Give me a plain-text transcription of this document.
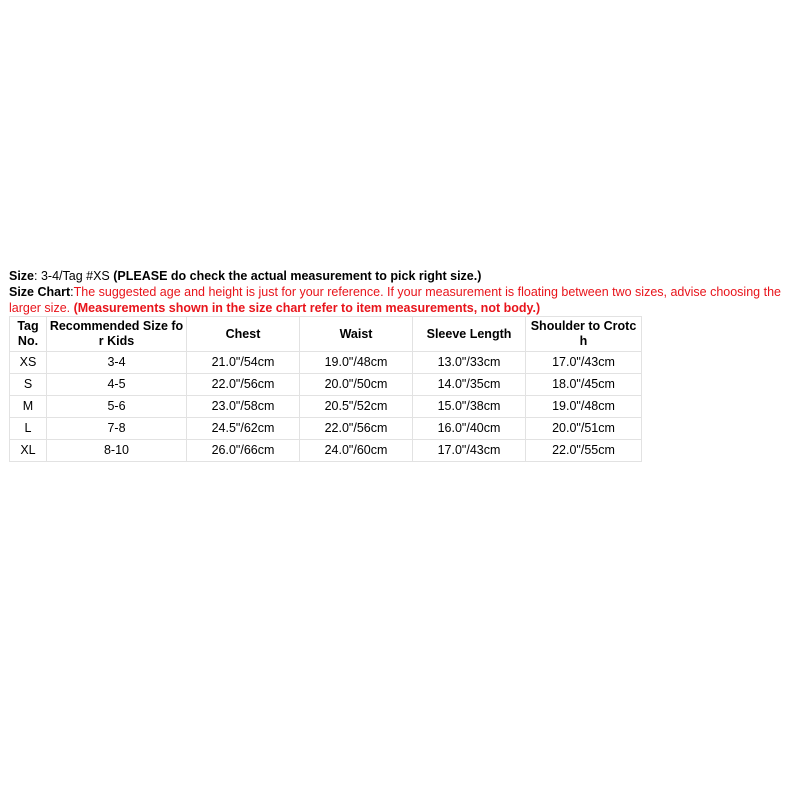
Size: 3-4/Tag #XS (PLEASE do check the actual measurement to pick right size.)
Size Chart:The suggested age and height is just for your reference. If your measurement is floating between two sizes, advise choosing the larger size. (Measurements shown in the size chart refer to item measurements, not body.)
Tag No.	Recommended Size for Kids	Chest	Waist	Sleeve Length	Shoulder to Crotch
XS	3-4	21.0"/54cm	19.0"/48cm	13.0"/33cm	17.0"/43cm
S	4-5	22.0"/56cm	20.0"/50cm	14.0"/35cm	18.0"/45cm
M	5-6	23.0"/58cm	20.5"/52cm	15.0"/38cm	19.0"/48cm
L	7-8	24.5"/62cm	22.0"/56cm	16.0"/40cm	20.0"/51cm
XL	8-10	26.0"/66cm	24.0"/60cm	17.0"/43cm	22.0"/55cm
